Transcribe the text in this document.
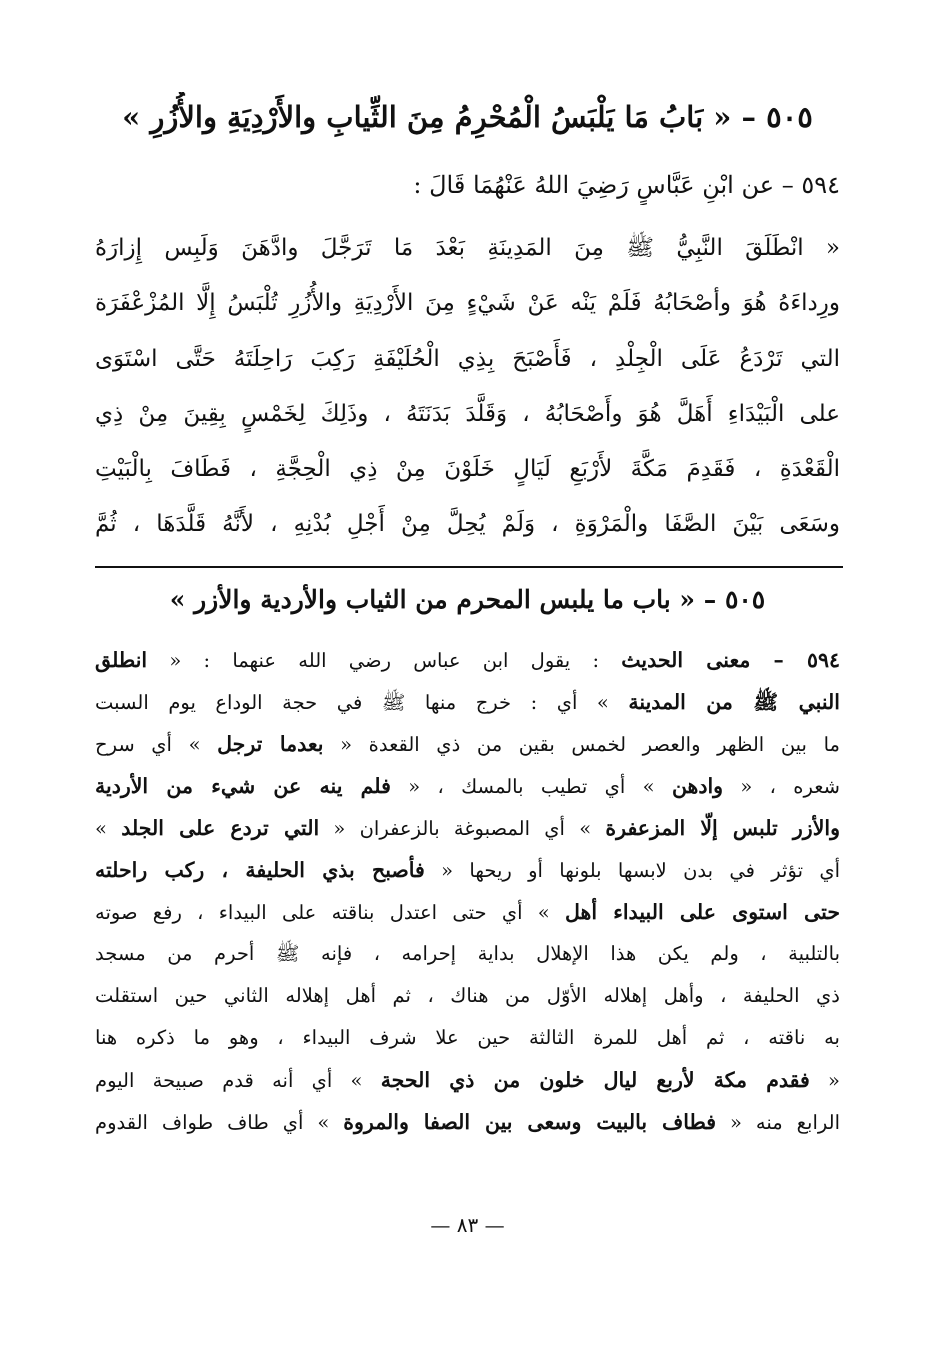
٥٠٥ – « بَابُ مَا يَلْبَسُ الْمُحْرِمُ مِنَ الثِّيابِ والأَرْدِيَةِ والأُزُرِ »
٥٩٤ – عن ابْنِ عَبَّاسٍ رَضِيَ اللهُ عَنْهُمَا قَالَ :
« انْطَلَقَ النَّبِيُّ ﷺ مِنَ المَدِينَةِ بَعْدَ مَا تَرَجَّلَ وادَّهَنَ وَلَبِس إِزارَهُ
ورِداءَهُ هُوَ وأصْحَابُهُ فَلَمْ يَنْه عَنْ شَيْءٍ مِنَ الأَرْدِيَةِ والأُزُرِ تُلْبَسُ إِلَّا المُزْعْفَرَة
التي تَرْدَعُ عَلَى الْجِلْدِ ، فَأَصْبَحَ بِذِي الْحُلَيْفَةِ رَكِبَ رَاحِلَتَهُ حَتَّى اسْتَوَى
على الْبَيْدَاءِ أَهَلَّ هُوَ وأَصْحَابُهُ ، وَقَلَّدَ بَدَنَتَهُ ، وذَلِكَ لِخَمْسٍ بِقِينَ مِنْ ذِي
الْقَعْدَةِ ، فَقَدِمَ مَكَّةَ لأَرْبَعِ لَيَالٍ خَلَوْنَ مِنْ ذِي الْحِجَّةِ ، فَطَافَ بِالْبَيْتِ
وسَعَى بَيْنَ الصَّفَا والْمَرْوَةِ ، وَلَمْ يُحِلَّ مِنْ أَجْلِ بُدْنِهِ ، لأَنَّهُ قَلَّدَهَا ، ثُمَّ
٥٠٥ – « باب ما يلبس المحرم من الثياب والأردية والأزر »
٥٩٤ – معنى الحديث : يقول ابن عباس رضي الله عنهما : « انطلق
النبي ﷺ من المدينة » أي : خرج منها ﷺ في حجة الوداع يوم السبت
ما بين الظهر والعصر لخمس بقين من ذي القعدة « بعدما ترجل » أي سرح
شعره ، « وادهن » أي تطيب بالمسك ، « فلم ينه عن شيء من الأردية
والأزر تلبس إلّا المزعفرة » أي المصبوغة بالزعفران « التي تردع على الجلد »
أي تؤثر في بدن لابسها بلونها أو ريحها « فأصبح بذي الحليفة ، ركب راحلته
حتى استوى على البيداء أهل » أي حتى اعتدل بناقته على البيداء ، رفع صوته
بالتلبية ، ولم يكن هذا الإهلال بداية إحرامه ، فإنه ﷺ أحرم من مسجد
ذي الحليفة ، وأهل إهلاله الأوّل من هناك ، ثم أهل إهلاله الثاني حين استقلت
به ناقته ، ثم أهل للمرة الثالثة حين علا شرف البيداء ، وهو ما ذكره هنا
« فقدم مكة لأربع ليال خلون من ذي الحجة » أي أنه قدم صبيحة اليوم
الرابع منه « فطاف بالبيت وسعى بين الصفا والمروة » أي طاف طواف القدوم
— ٨٣ —
